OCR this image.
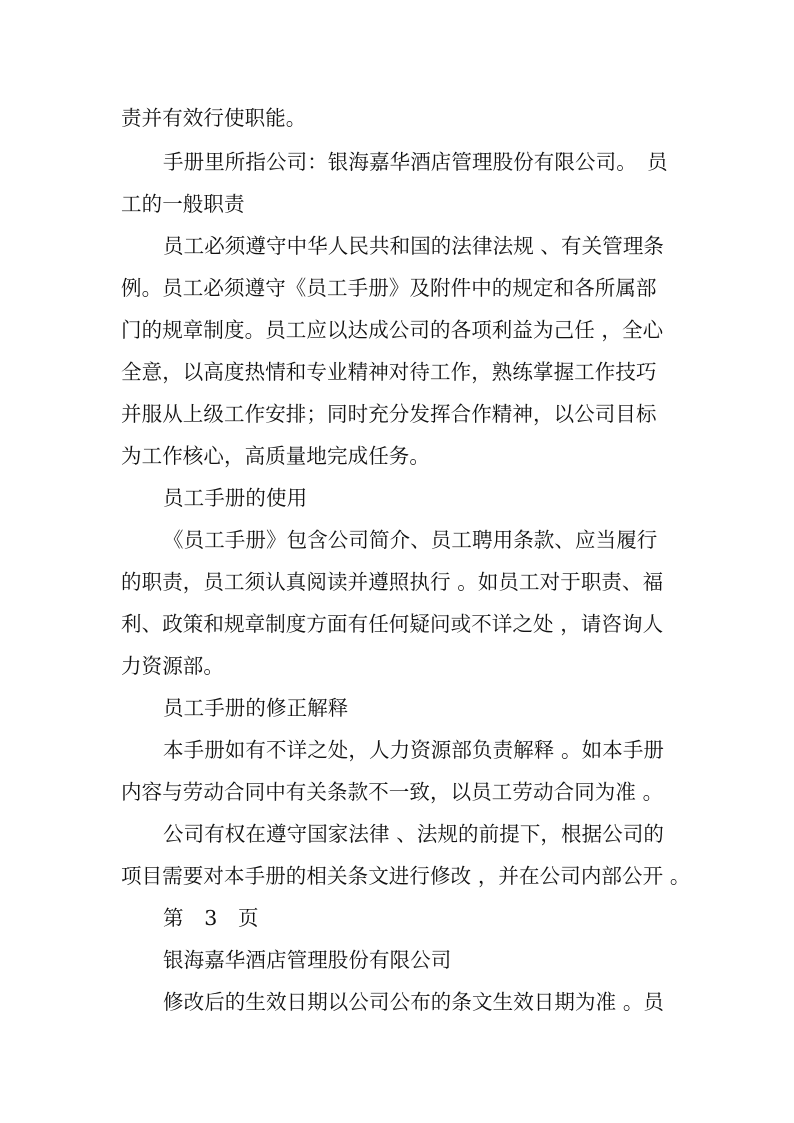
责并有效行使职能。
手册里所指公司：银海嘉华酒店管理股份有限公司。　员
工的一般职责
员工必须遵守中华人民共和国的法律法规 、有关管理条
例。员工必须遵守《员工手册》及附件中的规定和各所属部
门的规章制度。员工应以达成公司的各项利益为己任 ，全心
全意，以高度热情和专业精神对待工作，熟练掌握工作技巧
并服从上级工作安排；同时充分发挥合作精神，以公司目标
为工作核心，高质量地完成任务。
员工手册的使用
《员工手册》包含公司简介、员工聘用条款、应当履行
的职责，员工须认真阅读并遵照执行 。如员工对于职责、福
利、政策和规章制度方面有任何疑问或不详之处 ，请咨询人
力资源部。
员工手册的修正解释
本手册如有不详之处，人力资源部负责解释 。如本手册
内容与劳动合同中有关条款不一致，以员工劳动合同为准 。
公司有权在遵守国家法律 、法规的前提下，根据公司的
项目需要对本手册的相关条文进行修改 ，并在公司内部公开 。
第　3　页
银海嘉华酒店管理股份有限公司
修改后的生效日期以公司公布的条文生效日期为准 。员
